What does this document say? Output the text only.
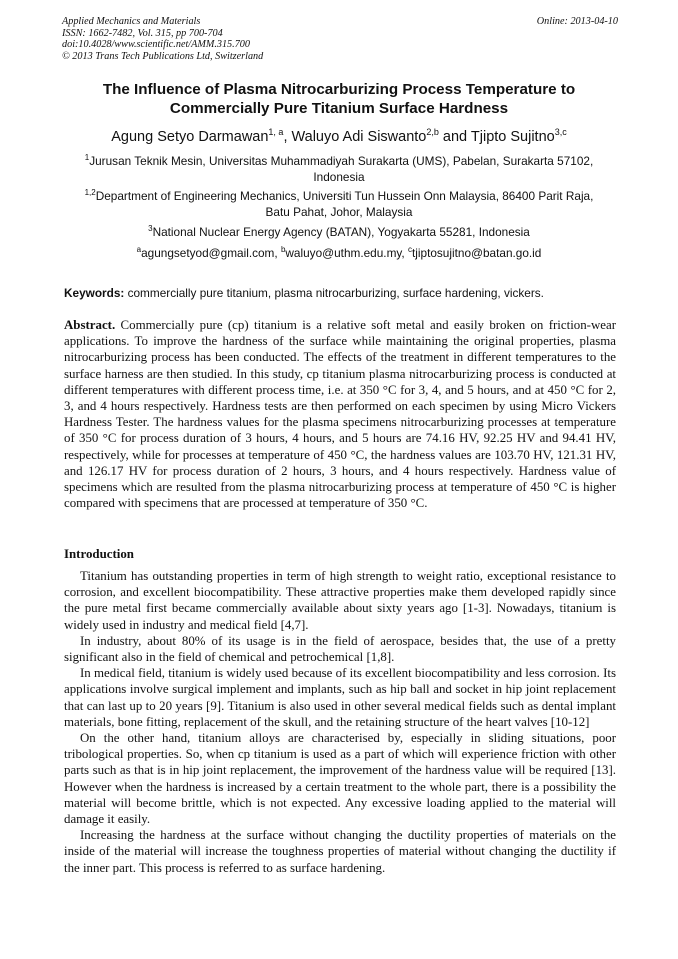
Applied Mechanics and Materials
ISSN: 1662-7482, Vol. 315, pp 700-704
doi:10.4028/www.scientific.net/AMM.315.700
© 2013 Trans Tech Publications Ltd, Switzerland
Online: 2013-04-10
The Influence of Plasma Nitrocarburizing Process Temperature to
Commercially Pure Titanium Surface Hardness
Agung Setyo Darmawan$^{1, a}$, Waluyo Adi Siswanto$^{2,b}$ and Tjipto Sujitno$^{3,c}$
$^1$Jurusan Teknik Mesin, Universitas Muhammadiyah Surakarta (UMS), Pabelan, Surakarta 57102,
Indonesia
$^{1,2}$Department of Engineering Mechanics, Universiti Tun Hussein Onn Malaysia, 86400 Parit Raja,
Batu Pahat, Johor, Malaysia
$^3$National Nuclear Energy Agency (BATAN), Yogyakarta 55281, Indonesia
$^a$agungsetyod@gmail.com, $^b$waluyo@uthm.edu.my, $^c$tjiptosujitno@batan.go.id
Keywords: commercially pure titanium, plasma nitrocarburizing, surface hardening, vickers.
Abstract. Commercially pure (cp) titanium is a relative soft metal and easily broken on friction-wear applications. To improve the hardness of the surface while maintaining the original properties, plasma nitrocarburizing process has been conducted. The effects of the treatment in different temperatures to the surface harness are then studied. In this study, cp titanium plasma nitrocarburizing process is conducted at different temperatures with different process time, i.e. at 350 °C for 3, 4, and 5 hours, and at 450 °C for 2, 3, and 4 hours respectively. Hardness tests are then performed on each specimen by using Micro Vickers Hardness Tester. The hardness values for the plasma specimens nitrocarburizing processes at temperature of 350 °C for process duration of 3 hours, 4 hours, and 5 hours are 74.16 HV, 92.25 HV and 94.41 HV, respectively, while for processes at temperature of 450 °C, the hardness values are 103.70 HV, 121.31 HV, and 126.17 HV for process duration of 2 hours, 3 hours, and 4 hours respectively. Hardness value of specimens which are resulted from the plasma nitrocarburizing process at temperature of 450 °C is higher compared with specimens that are processed at temperature of 350 °C.
Introduction

Titanium has outstanding properties in term of high strength to weight ratio, exceptional resistance to corrosion, and excellent biocompatibility. These attractive properties make them developed rapidly since the pure metal first became commercially available about sixty years ago [1-3]. Nowadays, titanium is widely used in industry and medical field [4,7].

In industry, about 80% of its usage is in the field of aerospace, besides that, the use of a pretty significant also in the field of chemical and petrochemical [1,8].

In medical field, titanium is widely used because of its excellent biocompatibility and less corrosion. Its applications involve surgical implement and implants, such as hip ball and socket in hip joint replacement that can last up to 20 years [9]. Titanium is also used in other several medical fields such as dental implant materials, bone fitting, replacement of the skull, and the retaining structure of the heart valves [10-12]

On the other hand, titanium alloys are characterised by, especially in sliding situations, poor tribological properties. So, when cp titanium is used as a part of which will experience friction with other parts such as that is in hip joint replacement, the improvement of the hardness value will be required [13]. However when the hardness is increased by a certain treatment to the whole part, there is a possibility the material will become brittle, which is not expected. Any excessive loading applied to the material will damage it easily.

Increasing the hardness at the surface without changing the ductility properties of materials on the inside of the material will increase the toughness properties of material without changing the ductility if the inner part. This process is referred to as surface hardening.
